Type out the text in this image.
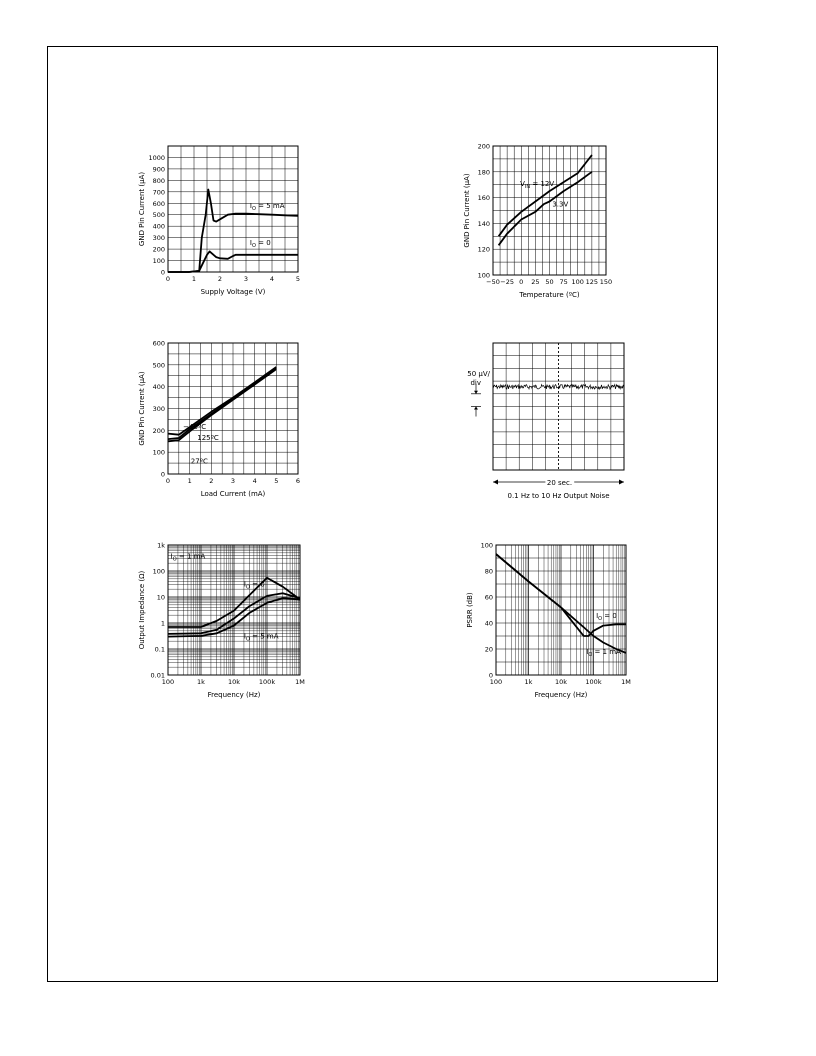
0	1	2	3	4	5
0
100
200
300
400
500
600
700
800
900
1000
Supply Voltage (V)
GND Pin Current (µA)	$I_O = 5$ mA
$I_O = 0$
−50 −25 0 25 50 75 100 125 150
100
120
140
160
180
200
Temperature (ºC)
GND Pin Current (µA)	$V_{IN} = 12V$
3.3V
0	1	2	3	4	5	6
0
100
200
300
400
500
600
Load Current (mA)
GND Pin Current (µA)	−40ºC
125ºC
27ºC
50 µV/
div
20 sec.
0.1 Hz to 10 Hz Output Noise
100	1k	10k	100k	1M
0.01
0.1
1
10
100
1k
Frequency (Hz)
Output Impedance (Ω)
$I_O = 1$ mA
$I_O = 0$
$I_O = 5$ mA
100	1k	10k	100k	1M
0
20
40
60
80
100
Frequency (Hz)
PSRR (dB)	$I_O = 0$
$I_O = 1$ mA
